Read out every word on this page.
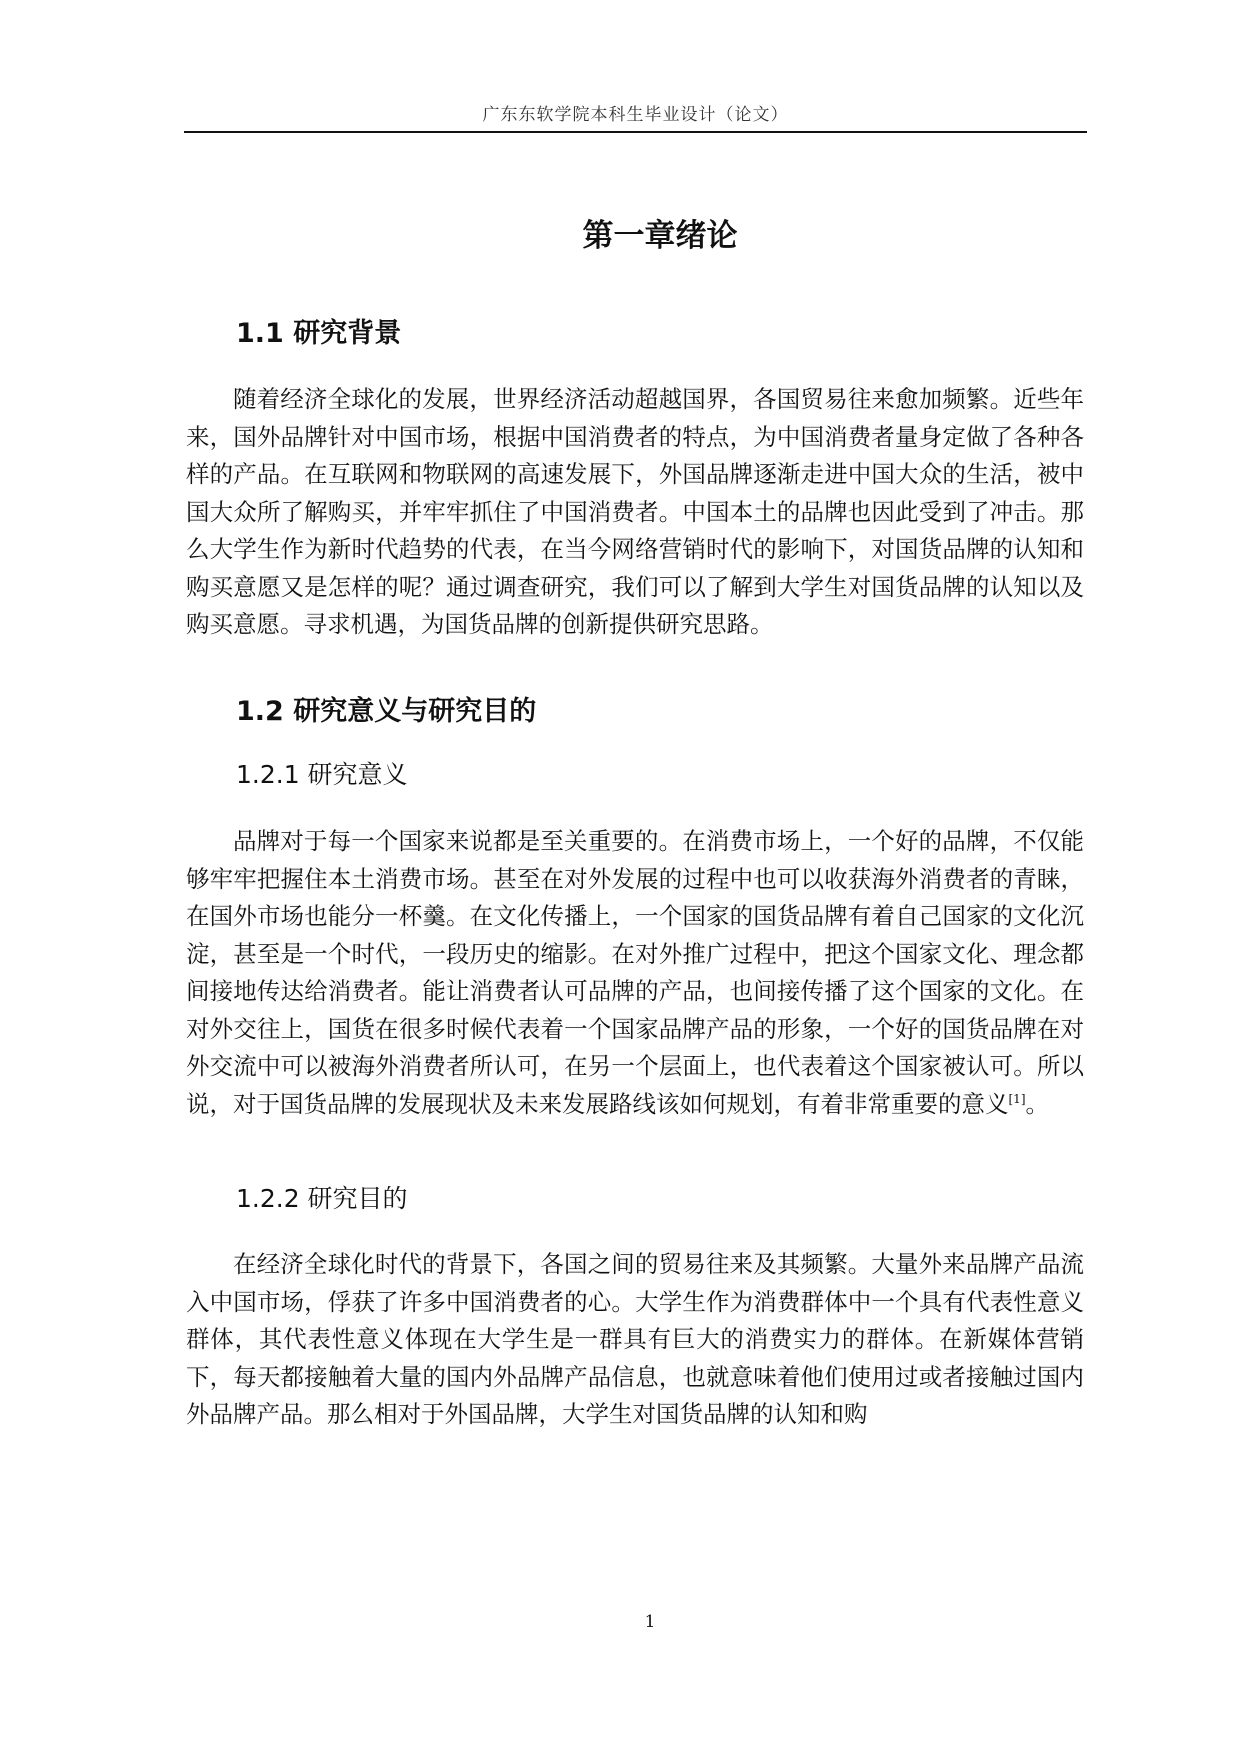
广东东软学院本科生毕业设计（论文）
第一章绪论
1.1 研究背景

随着经济全球化的发展，世界经济活动超越国界，各国贸易往来愈加频繁。近些年来，国外品牌针对中国市场，根据中国消费者的特点，为中国消费者量身定做了各种各样的产品。在互联网和物联网的高速发展下，外国品牌逐渐走进中国大众的生活，被中国大众所了解购买，并牢牢抓住了中国消费者。中国本土的品牌也因此受到了冲击。那么大学生作为新时代趋势的代表，在当今网络营销时代的影响下，对国货品牌的认知和购买意愿又是怎样的呢？通过调查研究，我们可以了解到大学生对国货品牌的认知以及购买意愿。寻求机遇，为国货品牌的创新提供研究思路。

1.2 研究意义与研究目的
1.2.1 研究意义

品牌对于每一个国家来说都是至关重要的。在消费市场上，一个好的品牌，不仅能够牢牢把握住本土消费市场。甚至在对外发展的过程中也可以收获海外消费者的青睐，在国外市场也能分一杯羹。在文化传播上，一个国家的国货品牌有着自己国家的文化沉淀，甚至是一个时代，一段历史的缩影。在对外推广过程中，把这个国家文化、理念都间接地传达给消费者。能让消费者认可品牌的产品，也间接传播了这个国家的文化。在对外交往上，国货在很多时候代表着一个国家品牌产品的形象，一个好的国货品牌在对外交流中可以被海外消费者所认可，在另一个层面上，也代表着这个国家被认可。所以说，对于国货品牌的发展现状及未来发展路线该如何规划，有着非常重要的意义[1]。

1.2.2 研究目的

在经济全球化时代的背景下，各国之间的贸易往来及其频繁。大量外来品牌产品流入中国市场，俘获了许多中国消费者的心。大学生作为消费群体中一个具有代表性意义群体，其代表性意义体现在大学生是一群具有巨大的消费实力的群体。在新媒体营销下，每天都接触着大量的国内外品牌产品信息，也就意味着他们使用过或者接触过国内外品牌产品。那么相对于外国品牌，大学生对国货品牌的认知和购

1
